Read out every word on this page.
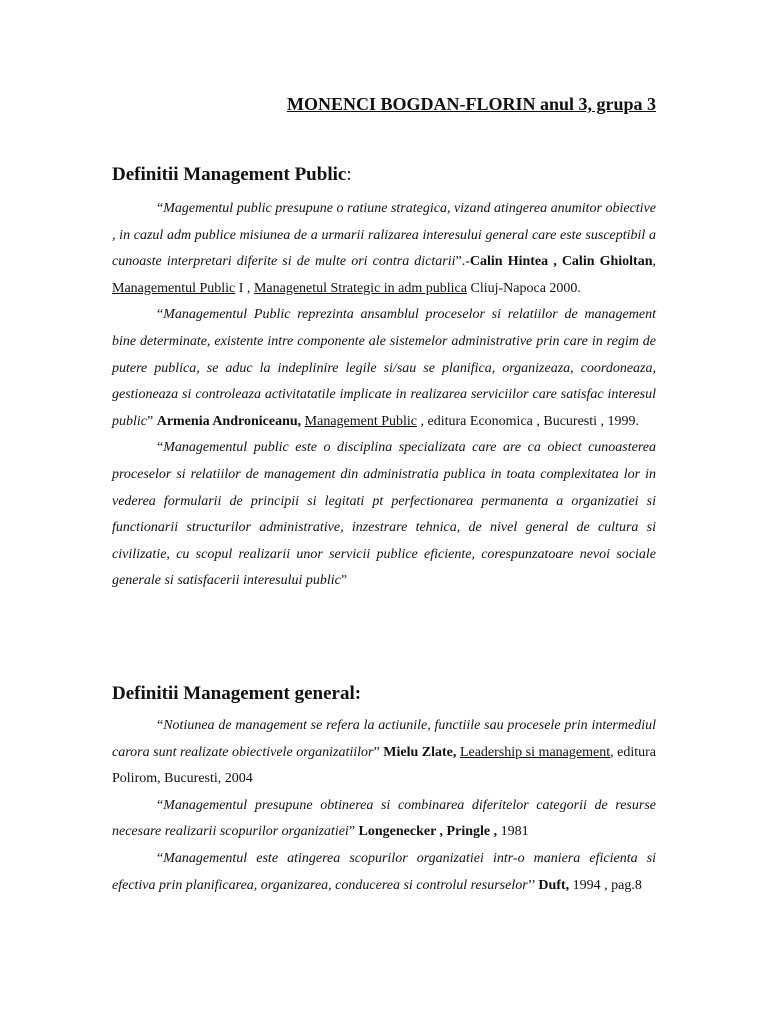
MONENCI BOGDAN-FLORIN anul 3, grupa 3
Definitii Management Public:

“Magementul public presupune o ratiune strategica, vizand atingerea anumitor obiective , in cazul adm publice misiunea de a urmarii ralizarea interesului general care este susceptibil a cunoaste interpretari diferite si de multe ori contra dictarii”.-Calin Hintea , Calin Ghioltan, Managementul Public I , Managenetul Strategic in adm publica Cliuj-Napoca 2000.

“Managementul Public reprezinta ansamblul proceselor si relatiilor de management bine determinate, existente intre componente ale sistemelor administrative prin care in regim de putere publica, se aduc la indeplinire legile si/sau se planifica, organizeaza, coordoneaza, gestioneaza si controleaza activitatatile implicate in realizarea serviciilor care satisfac interesul public” Armenia Androniceanu, Management Public , editura Economica , Bucuresti , 1999.

“Managementul public este o disciplina specializata care are ca obiect cunoasterea proceselor si relatiilor de management din administratia publica in toata complexitatea lor in vederea formularii de principii si legitati pt perfectionarea permanenta a organizatiei si functionarii structurilor administrative, inzestrare tehnica, de nivel general de cultura si civilizatie, cu scopul realizarii unor servicii publice eficiente, corespunzatoare nevoi sociale generale si satisfacerii interesului public”

Definitii Management general:

“Notiunea de management se refera la actiunile, functiile sau procesele prin intermediul carora sunt realizate obiectivele organizatiilor” Mielu Zlate, Leadership si management, editura Polirom, Bucuresti, 2004

“Managementul presupune obtinerea si combinarea diferitelor categorii de resurse necesare realizarii scopurilor organizatiei” Longenecker , Pringle , 1981

“Managementul este atingerea scopurilor organizatiei intr-o maniera eficienta si efectiva prin planificarea, organizarea, conducerea si controlul resurselor’’ Duft, 1994 , pag.8
